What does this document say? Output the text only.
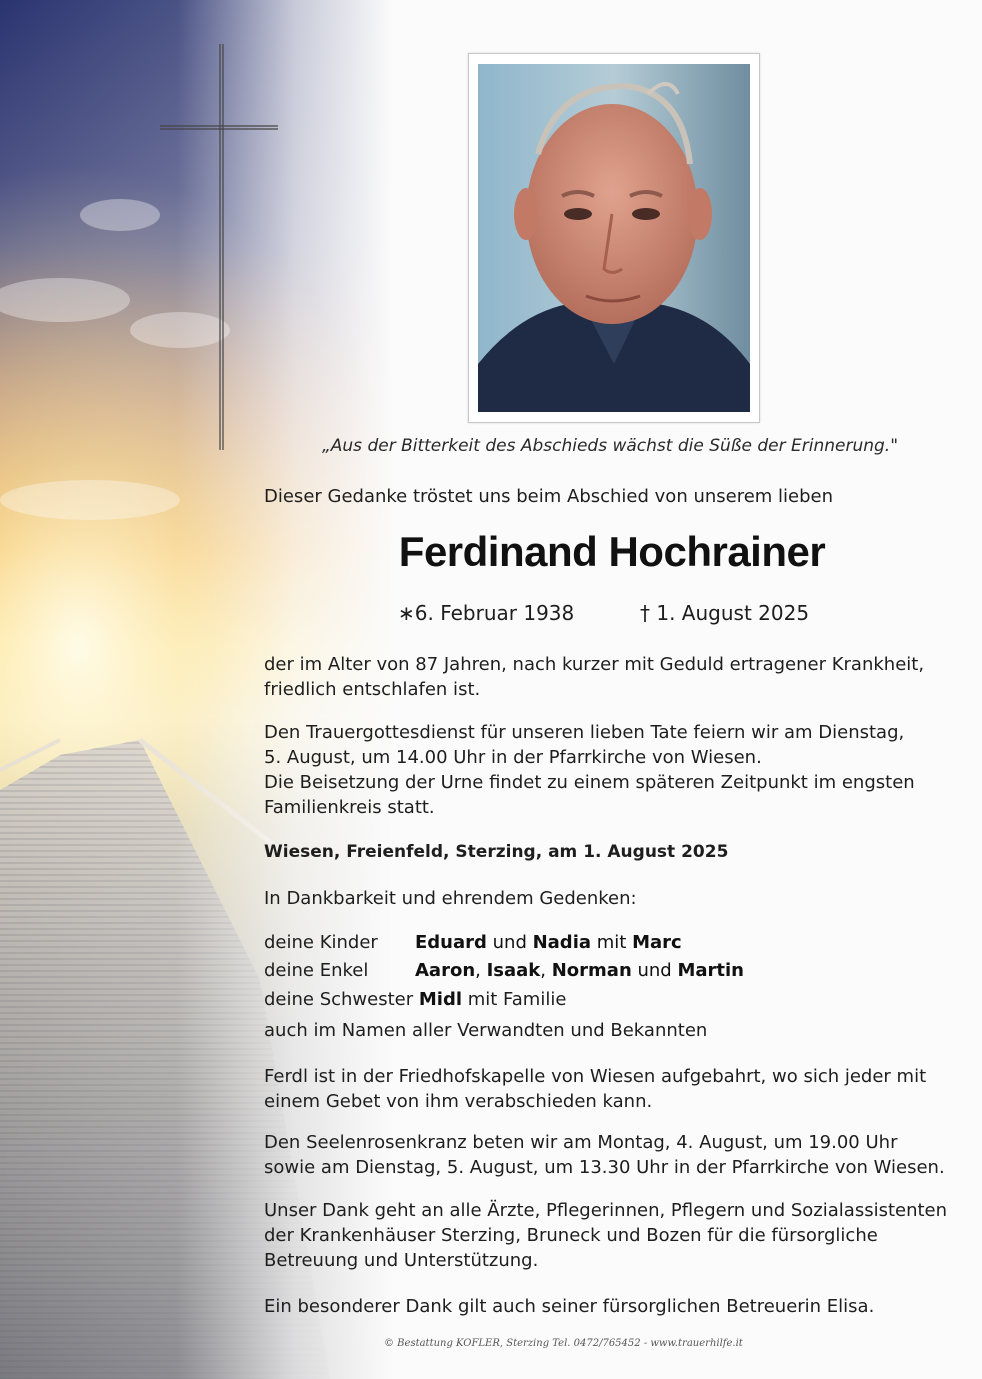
„Aus der Bitterkeit des Abschieds wächst die Süße der Erinnerung."
Dieser Gedanke tröstet uns beim Abschied von unserem lieben
Ferdinand Hochrainer
∗6. Februar 1938	† 1. August 2025
der im Alter von 87 Jahren, nach kurzer mit Geduld ertragener Krankheit,
friedlich entschlafen ist.
Den Trauergottesdienst für unseren lieben Tate feiern wir am Dienstag,
5. August, um 14.00 Uhr in der Pfarrkirche von Wiesen.
Die Beisetzung der Urne findet zu einem späteren Zeitpunkt im engsten
Familienkreis statt.
Wiesen, Freienfeld, Sterzing, am 1. August 2025
In Dankbarkeit und ehrendem Gedenken:
deine Kinder Eduard und Nadia mit Marc
deine Enkel	Aaron, Isaak, Norman und Martin
deine Schwester Midl mit Familie
auch im Namen aller Verwandten und Bekannten
Ferdl ist in der Friedhofskapelle von Wiesen aufgebahrt, wo sich jeder mit
einem Gebet von ihm verabschieden kann.
Den Seelenrosenkranz beten wir am Montag, 4. August, um 19.00 Uhr
sowie am Dienstag, 5. August, um 13.30 Uhr in der Pfarrkirche von Wiesen.
Unser Dank geht an alle Ärzte, Pflegerinnen, Pflegern und Sozialassistenten
der Krankenhäuser Sterzing, Bruneck und Bozen für die fürsorgliche
Betreuung und Unterstützung.
Ein besonderer Dank gilt auch seiner fürsorglichen Betreuerin Elisa.
© Bestattung KOFLER, Sterzing Tel. 0472/765452 - www.trauerhilfe.it
